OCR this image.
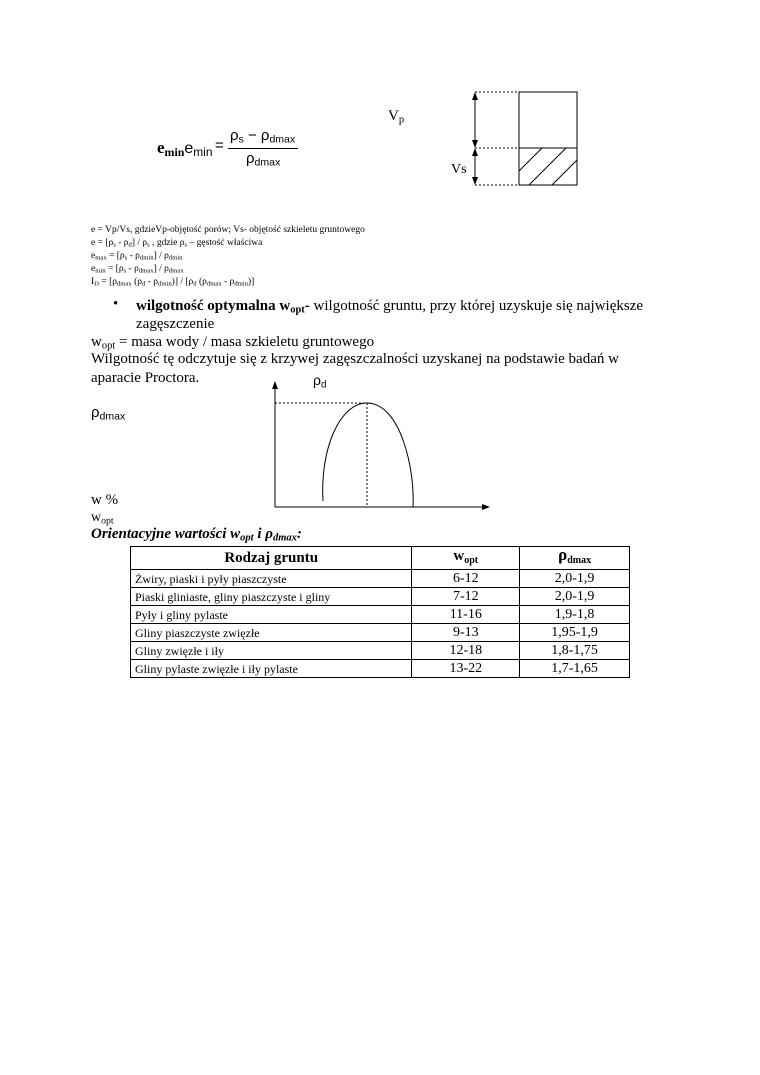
$e_{min}e_{min}$ =
$\rho_s - \rho_{dmax}$
$\rho_{dmax}$
$V_p$
Vs
e = Vp/Vs, gdzieVp-objętość porów; Vs- objętość szkieletu gruntowego
$e = [\rho_s - \rho_d] / \rho_s$ , gdzie $\rho_s$ – gęstość właściwa
$e_{max} = [\rho_s - \rho_{dmin}] / \rho_{dmin}$
$e_{min} = [\rho_s - \rho_{dmax}] / \rho_{dmax}$
$I_D = [\rho_{dmax}$ $(\rho_d - \rho_{dmin})] / [\rho_d$ $(\rho_{dmax} - \rho_{dmin})$]
• wilgotność optymalna $w_{opt}-$ wilgotność gruntu, przy której uzyskuje się największe
zagęszczenie
$w_{opt}$ = masa wody / masa szkieletu gruntowego
Wilgotność tę odczytuje się z krzywej zagęszczalności uzyskanej na podstawie badań w
aparacie Proctora.	$\rho_d$
$\rho_{dmax}$
w %
$w_{opt}$
Orientacyjne wartości $w_{opt}$ i $\rho_{dmax}$:
Rodzaj gruntu	$w_{opt}$	$\rho_{dmax}$
Żwiry, piaski i pyły piaszczyste	6-12	2,0-1,9
Piaski gliniaste, gliny piaszczyste i gliny	7-12	2,0-1,9
Pyły i gliny pylaste	11-16	1,9-1,8
Gliny piaszczyste zwięzłe	9-13	1,95-1,9
Gliny zwięzłe i iły	12-18	1,8-1,75
Gliny pylaste zwięzłe i iły pylaste	13-22	1,7-1,65
